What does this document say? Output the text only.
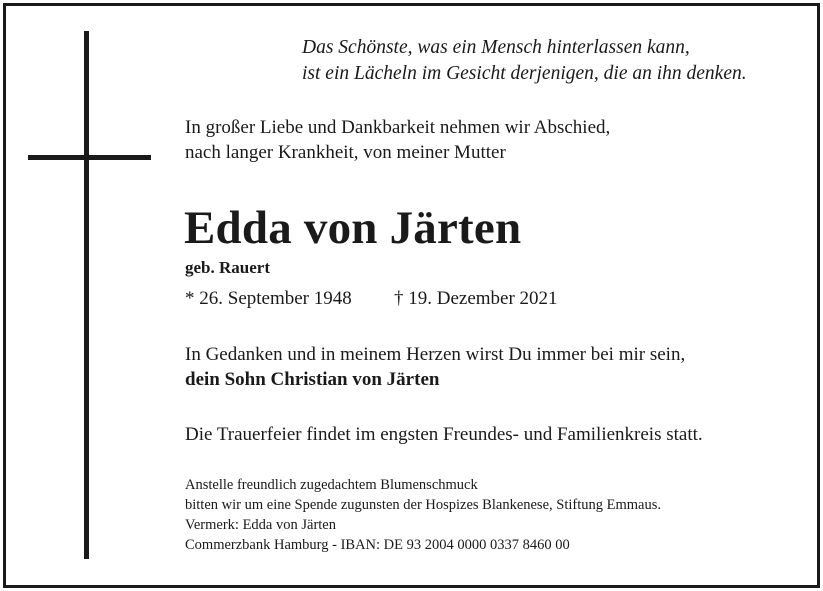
Das Schönste, was ein Mensch hinterlassen kann,
ist ein Lächeln im Gesicht derjenigen, die an ihn denken.
In großer Liebe und Dankbarkeit nehmen wir Abschied,
nach langer Krankheit, von meiner Mutter
Edda von Järten
geb. Rauert
* 26. September 1948 † 19. Dezember 2021
In Gedanken und in meinem Herzen wirst Du immer bei mir sein,
dein Sohn Christian von Järten
Die Trauerfeier findet im engsten Freundes- und Familienkreis statt.
Anstelle freundlich zugedachtem Blumenschmuck
bitten wir um eine Spende zugunsten der Hospizes Blankenese, Stiftung Emmaus.
Vermerk: Edda von Järten
Commerzbank Hamburg - IBAN: DE 93 2004 0000 0337 8460 00
